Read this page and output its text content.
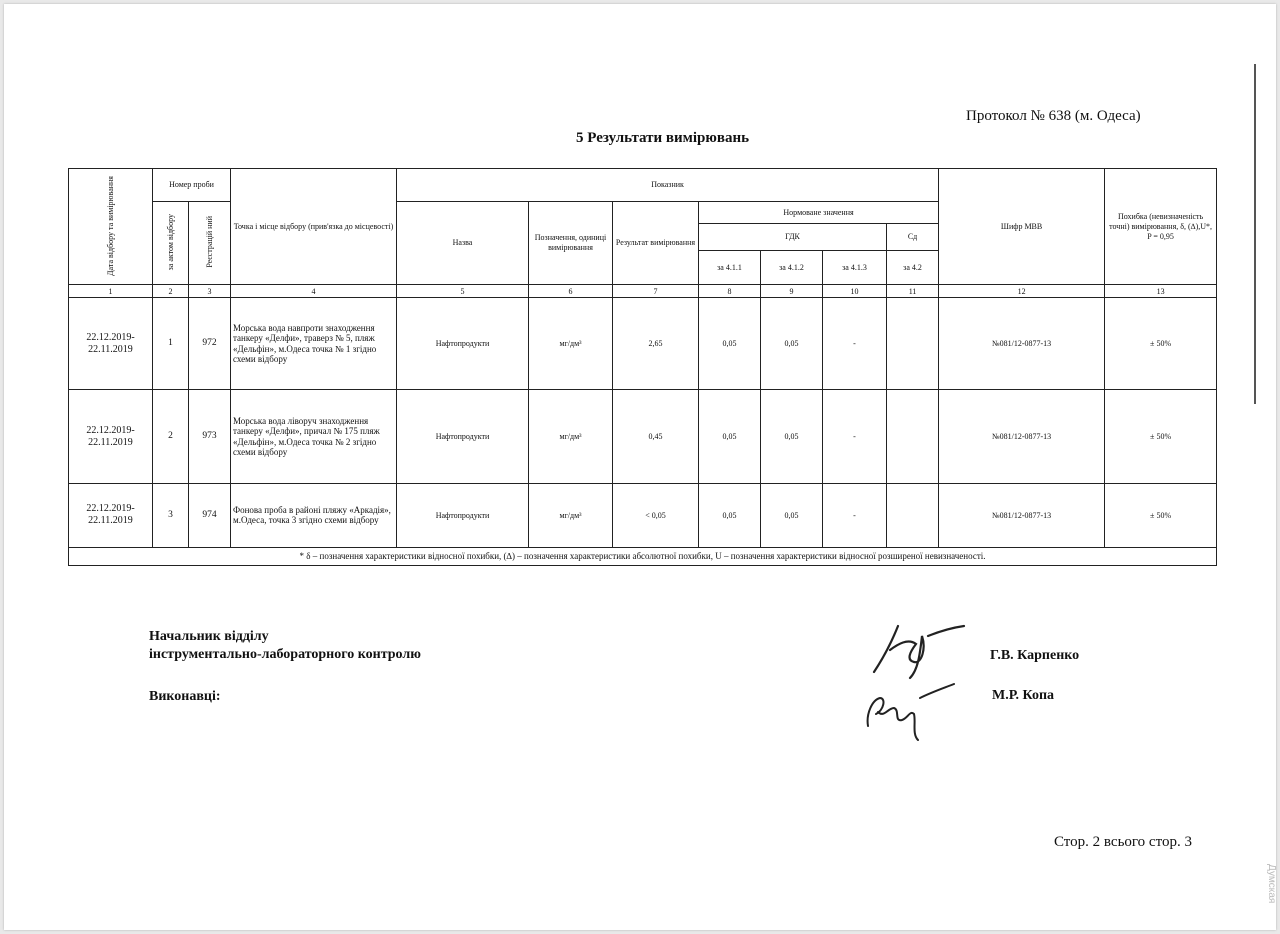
Протокол № 638 (м. Одеса)
5 Результати вимірювань
Дата відбору та вимірювання	Номер проби		Точка і місце відбору (прив'язка до місцевості)	Показник							Шифр МВВ	Похибка (невизначеність точні) вимірювання, δ, (∆),U*, P = 0,95
	за актом відбору	Реєстрацій ний		Назва	Позначення, одиниці вимірювання	Результат вимірювання	Нормоване значення					
							ГДК			Cд		
							за 4.1.1	за 4.1.2	за 4.1.3	за 4.2		
1	2	3	4	5	6	7	8	9	10	11	12	13
22.12.2019-22.11.2019	1	972	Морська вода навпроти знаходження танкеру «Делфи», траверз № 5, пляж «Дельфін», м.Одеса точка № 1 згідно схеми відбору	Нафтопродукти	мг/дм³	2,65	0,05	0,05	-		№081/12-0877-13	± 50%
22.12.2019-22.11.2019	2	973	Морська вода ліворуч знаходження танкеру «Делфи», причал № 175 пляж «Дельфін», м.Одеса точка № 2 згідно схеми відбору	Нафтопродукти	мг/дм³	0,45	0,05	0,05	-		№081/12-0877-13	± 50%
22.12.2019-22.11.2019	3	974	Фонова проба в районі пляжу «Аркадія», м.Одеса, точка 3 згідно схеми відбору	Нафтопродукти	мг/дм³	< 0,05	0,05	0,05	-		№081/12-0877-13	± 50%
* δ – позначення характеристики відносної похибки, (∆) – позначення характеристики абсолютної похибки, U – позначення характеристики відносної розширеної невизначеності.												
Начальник відділу
інструментально-лабораторного контролю
Виконавці:
Г.В. Карпенко
М.Р. Копа
Стор. 2 всього стор. 3
Думская
